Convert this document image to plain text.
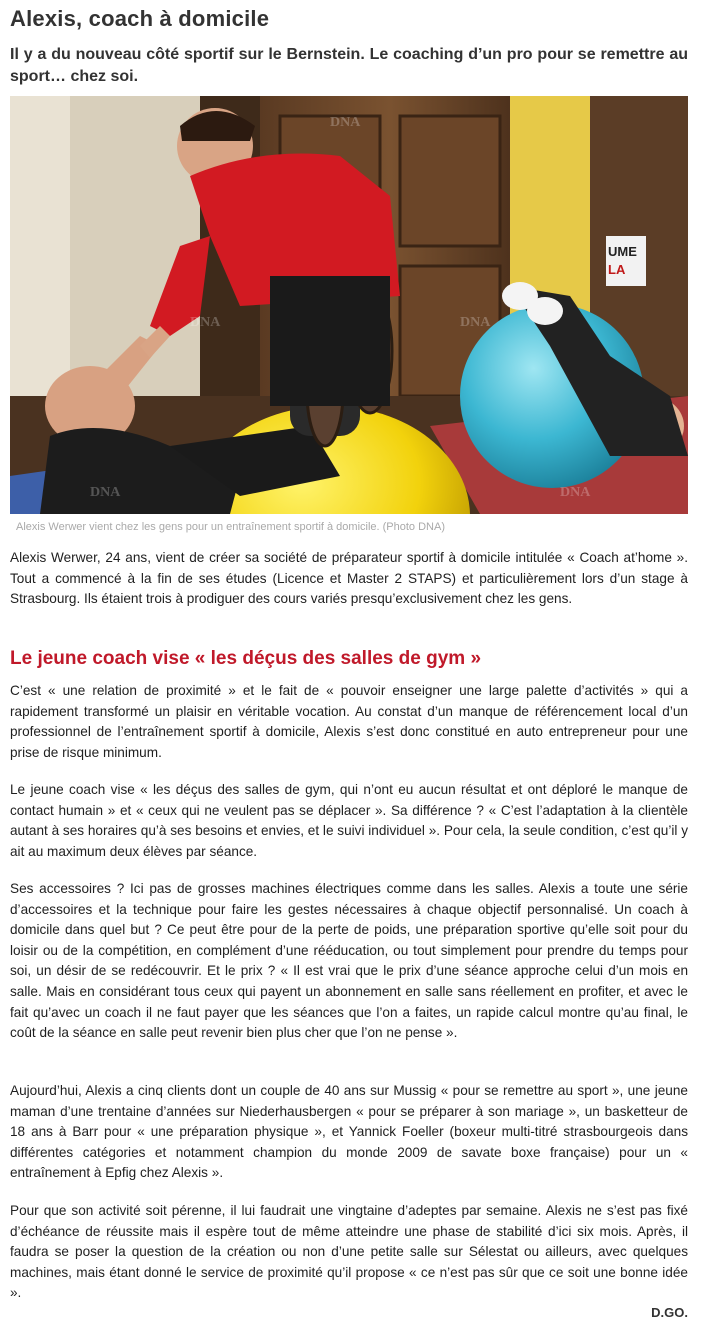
Alexis, coach à domicile

Il y a du nouveau côté sportif sur le Bernstein. Le coaching d’un pro pour se remettre au sport… chez soi.

UME
LA
DNA
DNA	DNA
DNA	DNA

Alexis Werwer vient chez les gens pour un entraînement sportif à domicile. (Photo DNA)

Alexis Werwer, 24 ans, vient de créer sa société de préparateur sportif à domicile intitulée « Coach at’home ». Tout a commencé à la fin de ses études (Licence et Master 2 STAPS) et particulièrement lors d’un stage à Strasbourg. Ils étaient trois à prodiguer des cours variés presqu’exclusivement chez les gens.

Le jeune coach vise « les déçus des salles de gym »

C’est « une relation de proximité » et le fait de « pouvoir enseigner une large palette d’activités » qui a rapidement transformé un plaisir en véritable vocation. Au constat d’un manque de référencement local d’un professionnel de l’entraînement sportif à domicile, Alexis s’est donc constitué en auto entrepreneur pour une prise de risque minimum.

Le jeune coach vise « les déçus des salles de gym, qui n’ont eu aucun résultat et ont déploré le manque de contact humain » et « ceux qui ne veulent pas se déplacer ». Sa différence ? « C’est l’adaptation à la clientèle autant à ses horaires qu’à ses besoins et envies, et le suivi individuel ». Pour cela, la seule condition, c’est qu’il y ait au maximum deux élèves par séance.

Ses accessoires ? Ici pas de grosses machines électriques comme dans les salles. Alexis a toute une série d’accessoires et la technique pour faire les gestes nécessaires à chaque objectif personnalisé. Un coach à domicile dans quel but ? Ce peut être pour de la perte de poids, une préparation sportive qu’elle soit pour du loisir ou de la compétition, en complément d’une rééducation, ou tout simplement pour prendre du temps pour soi, un désir de se redécouvrir. Et le prix ? « Il est vrai que le prix d’une séance approche celui d’un mois en salle. Mais en considérant tous ceux qui payent un abonnement en salle sans réellement en profiter, et avec le fait qu’avec un coach il ne faut payer que les séances que l’on a faites, un rapide calcul montre qu’au final, le coût de la séance en salle peut revenir bien plus cher que l’on ne pense ».

Aujourd’hui, Alexis a cinq clients dont un couple de 40 ans sur Mussig « pour se remettre au sport », une jeune maman d’une trentaine d’années sur Niederhausbergen « pour se préparer à son mariage », un basketteur de 18 ans à Barr pour « une préparation physique », et Yannick Foeller (boxeur multi-titré strasbourgeois dans différentes catégories et notamment champion du monde 2009 de savate boxe française) pour un « entraînement à Epfig chez Alexis ».

Pour que son activité soit pérenne, il lui faudrait une vingtaine d’adeptes par semaine. Alexis ne s’est pas fixé d’échéance de réussite mais il espère tout de même atteindre une phase de stabilité d’ici six mois. Après, il faudra se poser la question de la création ou non d’une petite salle sur Sélestat ou ailleurs, avec quelques machines, mais étant donné le service de proximité qu’il propose « ce n’est pas sûr que ce soit une bonne idée ».

D.GO.
